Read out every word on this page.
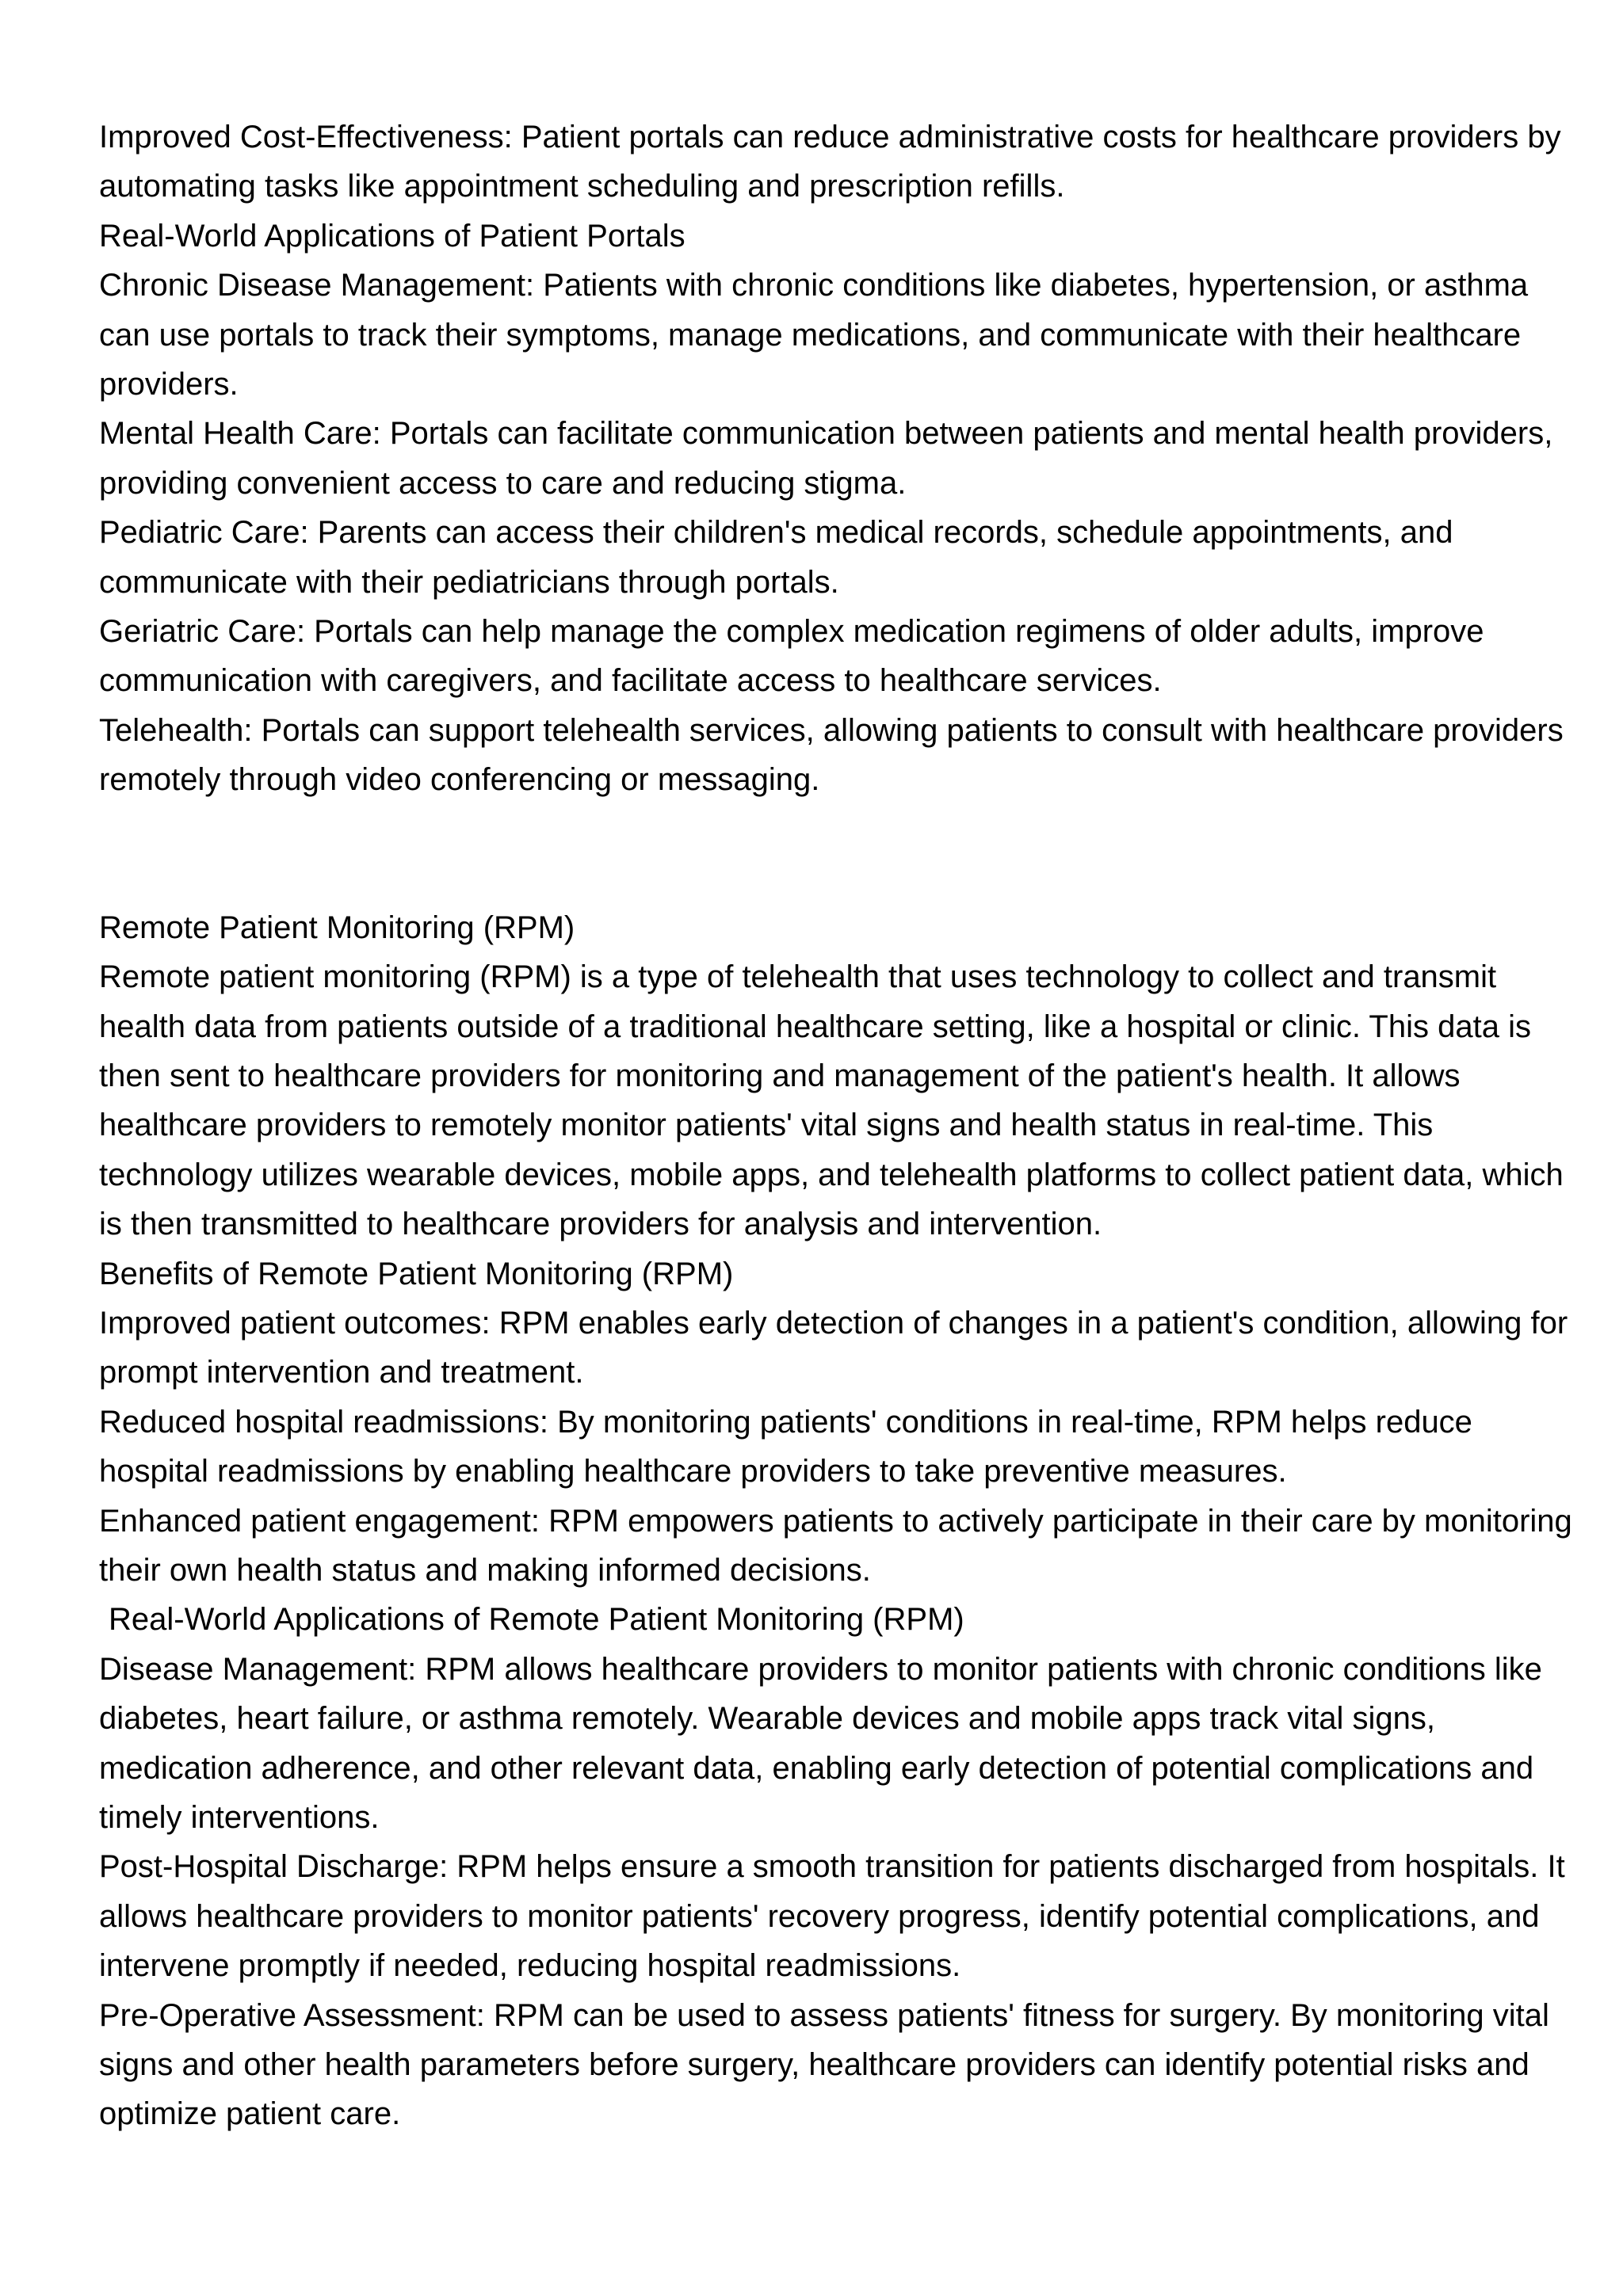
Improved Cost-Effectiveness: Patient portals can reduce administrative costs for healthcare providers by automating tasks like appointment scheduling and prescription refills.

Real-World Applications of Patient Portals

Chronic Disease Management: Patients with chronic conditions like diabetes, hypertension, or asthma can use portals to track their symptoms, manage medications, and communicate with their healthcare providers.

Mental Health Care: Portals can facilitate communication between patients and mental health providers, providing convenient access to care and reducing stigma.

Pediatric Care: Parents can access their children's medical records, schedule appointments, and communicate with their pediatricians through portals.

Geriatric Care: Portals can help manage the complex medication regimens of older adults, improve communication with caregivers, and facilitate access to healthcare services.

Telehealth: Portals can support telehealth services, allowing patients to consult with healthcare providers remotely through video conferencing or messaging.

Remote Patient Monitoring (RPM)

Remote patient monitoring (RPM) is a type of telehealth that uses technology to collect and transmit health data from patients outside of a traditional healthcare setting, like a hospital or clinic. This data is then sent to healthcare providers for monitoring and management of the patient's health. It allows healthcare providers to remotely monitor patients' vital signs and health status in real-time. This technology utilizes wearable devices, mobile apps, and telehealth platforms to collect patient data, which is then transmitted to healthcare providers for analysis and intervention.

Benefits of Remote Patient Monitoring (RPM)

Improved patient outcomes: RPM enables early detection of changes in a patient's condition, allowing for prompt intervention and treatment.

Reduced hospital readmissions: By monitoring patients' conditions in real-time, RPM helps reduce hospital readmissions by enabling healthcare providers to take preventive measures.

Enhanced patient engagement: RPM empowers patients to actively participate in their care by monitoring their own health status and making informed decisions.

Real-World Applications of Remote Patient Monitoring (RPM)

Disease Management: RPM allows healthcare providers to monitor patients with chronic conditions like diabetes, heart failure, or asthma remotely. Wearable devices and mobile apps track vital signs, medication adherence, and other relevant data, enabling early detection of potential complications and timely interventions.

Post-Hospital Discharge: RPM helps ensure a smooth transition for patients discharged from hospitals. It allows healthcare providers to monitor patients' recovery progress, identify potential complications, and intervene promptly if needed, reducing hospital readmissions.

Pre-Operative Assessment: RPM can be used to assess patients' fitness for surgery. By monitoring vital signs and other health parameters before surgery, healthcare providers can identify potential risks and optimize patient care.
